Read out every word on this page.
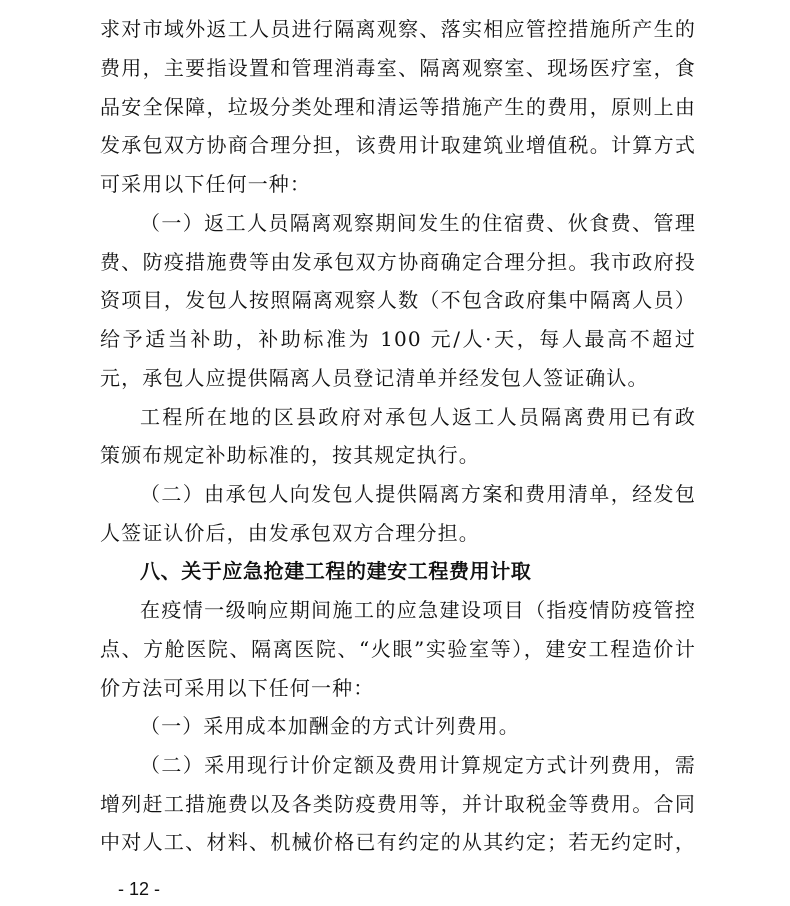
求对市域外返工人员进行隔离观察、落实相应管控措施所产生的
费用，主要指设置和管理消毒室、隔离观察室、现场医疗室，食
品安全保障，垃圾分类处理和清运等措施产生的费用，原则上由
发承包双方协商合理分担，该费用计取建筑业增值税。计算方式
可采用以下任何一种：
（一）返工人员隔离观察期间发生的住宿费、伙食费、管理
费、防疫措施费等由发承包双方协商确定合理分担。我市政府投
资项目，发包人按照隔离观察人数（不包含政府集中隔离人员）
给予适当补助，补助标准为 100 元/人·天，每人最高不超过
元，承包人应提供隔离人员登记清单并经发包人签证确认。
工程所在地的区县政府对承包人返工人员隔离费用已有政
策颁布规定补助标准的，按其规定执行。
（二）由承包人向发包人提供隔离方案和费用清单，经发包
人签证认价后，由发承包双方合理分担。
八、关于应急抢建工程的建安工程费用计取
在疫情一级响应期间施工的应急建设项目（指疫情防疫管控
点、方舱医院、隔离医院、“火眼”实验室等），建安工程造价计
价方法可采用以下任何一种：
（一）采用成本加酬金的方式计列费用。
（二）采用现行计价定额及费用计算规定方式计列费用，需
增列赶工措施费以及各类防疫费用等，并计取税金等费用。合同
中对人工、材料、机械价格已有约定的从其约定；若无约定时，
- 12 -
